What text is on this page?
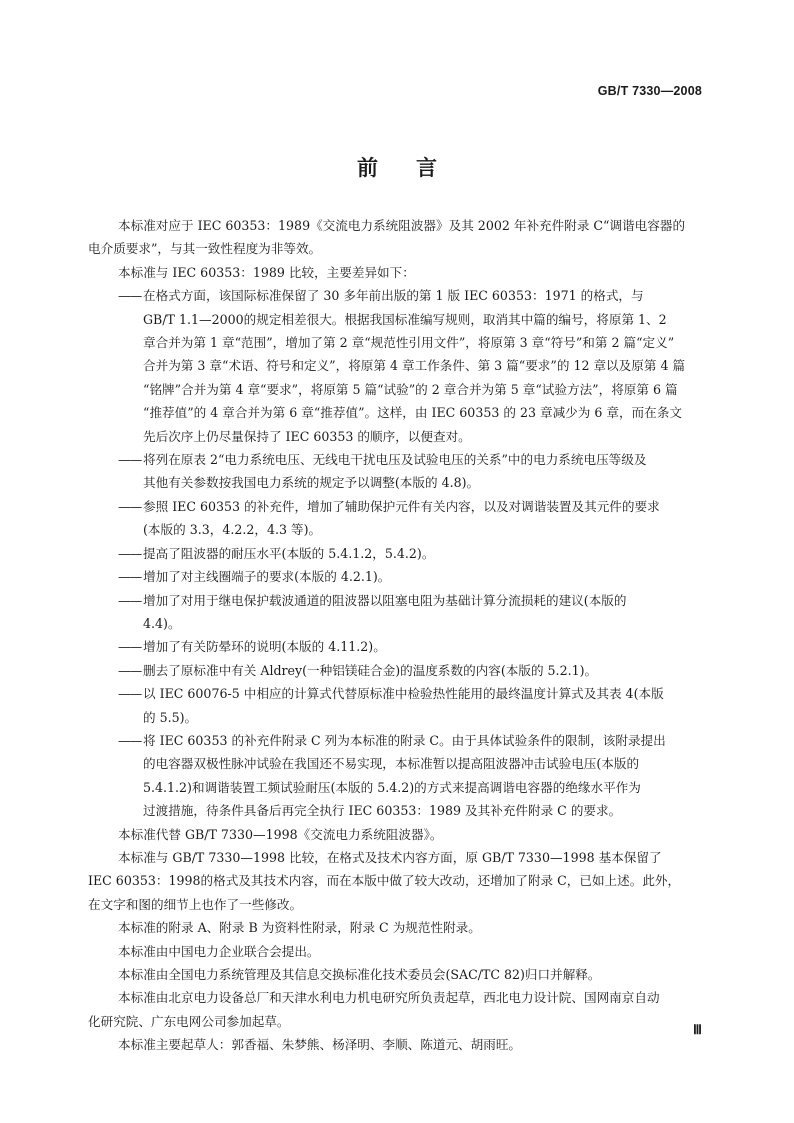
GB/T 7330—2008
前言

本标准对应于 IEC 60353：1989《交流电力系统阻波器》及其 2002 年补充件附录 C“调谐电容器的

电介质要求”，与其一致性程度为非等效。

本标准与 IEC 60353：1989 比较，主要差异如下：

—— 在格式方面，该国际标准保留了 30 多年前出版的第 1 版 IEC 60353：1971 的格式，与
GB/T 1.1—2000的规定相差很大。根据我国标准编写规则，取消其中篇的编号，将原第 1、2
章合并为第 1 章“范围”，增加了第 2 章“规范性引用文件”，将原第 3 章“符号”和第 2 篇“定义”
合并为第 3 章“术语、符号和定义”，将原第 4 章工作条件、第 3 篇“要求”的 12 章以及原第 4 篇
“铭牌”合并为第 4 章“要求”，将原第 5 篇“试验”的 2 章合并为第 5 章“试验方法”，将原第 6 篇
“推荐值”的 4 章合并为第 6 章“推荐值”。这样，由 IEC 60353 的 23 章减少为 6 章，而在条文
先后次序上仍尽量保持了 IEC 60353 的顺序，以便查对。
—— 将列在原表 2“电力系统电压、无线电干扰电压及试验电压的关系”中的电力系统电压等级及
其他有关参数按我国电力系统的规定予以调整(本版的 4.8)。
—— 参照 IEC 60353 的补充件，增加了辅助保护元件有关内容，以及对调谐装置及其元件的要求
(本版的 3.3，4.2.2，4.3 等)。
—— 提高了阻波器的耐压水平(本版的 5.4.1.2，5.4.2)。
—— 增加了对主线圈端子的要求(本版的 4.2.1)。
—— 增加了对用于继电保护载波通道的阻波器以阻塞电阻为基础计算分流损耗的建议(本版的
4.4)。
—— 增加了有关防晕环的说明(本版的 4.11.2)。
—— 删去了原标准中有关 Aldrey(一种铝镁硅合金)的温度系数的内容(本版的 5.2.1)。
—— 以 IEC 60076-5 中相应的计算式代替原标准中检验热性能用的最终温度计算式及其表 4(本版
的 5.5)。
—— 将 IEC 60353 的补充件附录 C 列为本标准的附录 C。由于具体试验条件的限制，该附录提出
的电容器双极性脉冲试验在我国还不易实现，本标准暂以提高阻波器冲击试验电压(本版的
5.4.1.2)和调谐装置工频试验耐压(本版的 5.4.2)的方式来提高调谐电容器的绝缘水平作为
过渡措施，待条件具备后再完全执行 IEC 60353：1989 及其补充件附录 C 的要求。
本标准代替 GB/T 7330—1998《交流电力系统阻波器》。
本标准与 GB/T 7330—1998 比较，在格式及技术内容方面，原 GB/T 7330—1998 基本保留了
IEC 60353：1998的格式及其技术内容，而在本版中做了较大改动，还增加了附录 C，已如上述。此外，
在文字和图的细节上也作了一些修改。
本标准的附录 A、附录 B 为资料性附录，附录 C 为规范性附录。
本标准由中国电力企业联合会提出。
本标准由全国电力系统管理及其信息交换标准化技术委员会(SAC/TC 82)归口并解释。
本标准由北京电力设备总厂和天津水利电力机电研究所负责起草，西北电力设计院、国网南京自动
化研究院、广东电网公司参加起草。
本标准主要起草人：郭香福、朱梦熊、杨泽明、李顺、陈道元、胡雨旺。
Ⅲ
